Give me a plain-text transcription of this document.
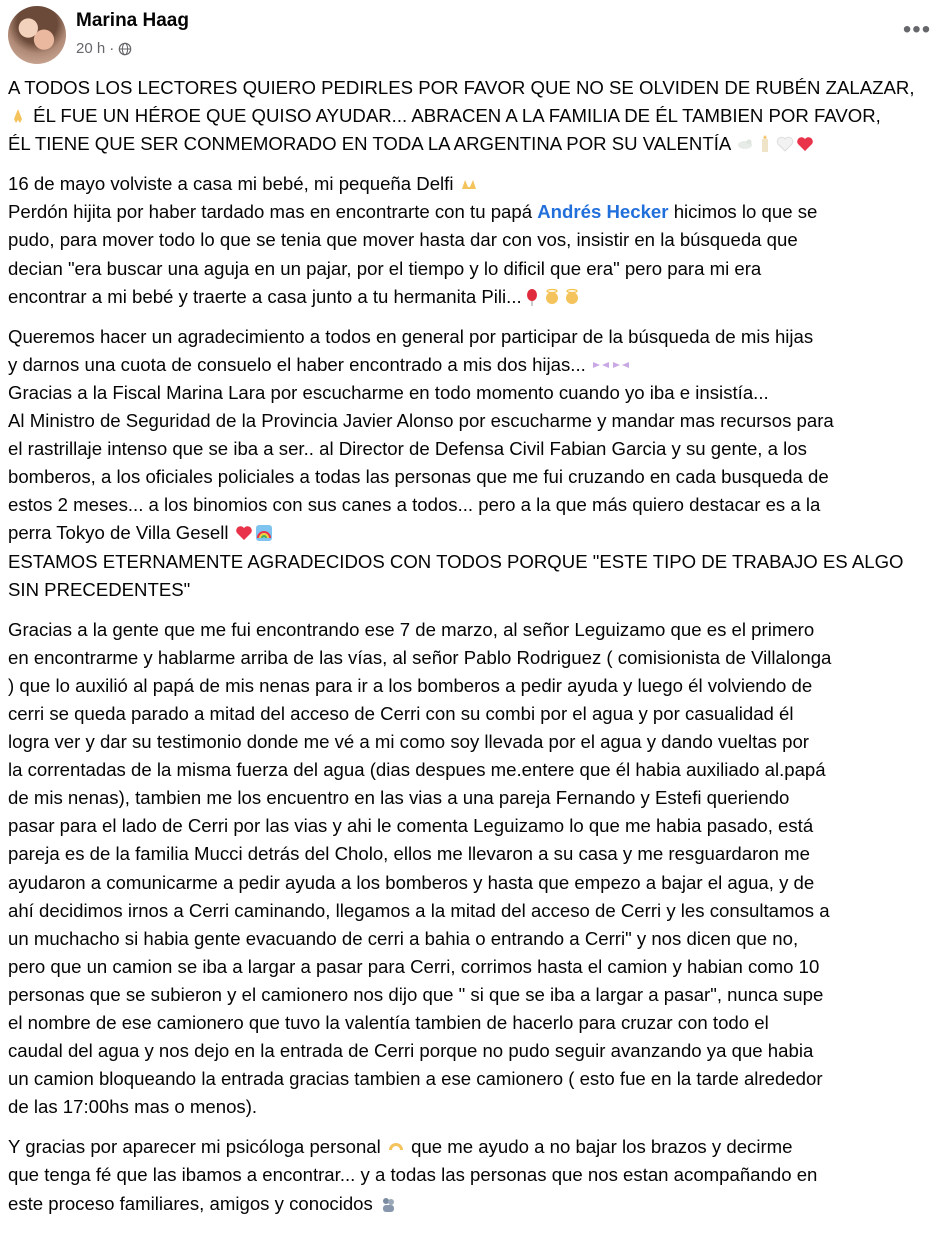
Marina Haag
20 h ·
•••
A TODOS LOS LECTORES QUIERO PEDIRLES POR FAVOR QUE NO SE OLVIDEN DE RUBÉN ZALAZAR,
ÉL FUE UN HÉROE QUE QUISO AYUDAR... ABRACEN A LA FAMILIA DE ÉL TAMBIEN POR FAVOR,
ÉL TIENE QUE SER CONMEMORADO EN TODA LA ARGENTINA POR SU VALENTÍA
16 de mayo volviste a casa mi bebé, mi pequeña Delfi
Perdón hijita por haber tardado mas en encontrarte con tu papá Andrés Hecker hicimos lo que se
pudo, para mover todo lo que se tenia que mover hasta dar con vos, insistir en la búsqueda que
decian "era buscar una aguja en un pajar, por el tiempo y lo dificil que era" pero para mi era
encontrar a mi bebé y traerte a casa junto a tu hermanita Pili...
Queremos hacer un agradecimiento a todos en general por participar de la búsqueda de mis hijas
y darnos una cuota de consuelo el haber encontrado a mis dos hijas...
Gracias a la Fiscal Marina Lara por escucharme en todo momento cuando yo iba e insistía...
Al Ministro de Seguridad de la Provincia Javier Alonso por escucharme y mandar mas recursos para
el rastrillaje intenso que se iba a ser.. al Director de Defensa Civil Fabian Garcia y su gente, a los
bomberos, a los oficiales policiales a todas las personas que me fui cruzando en cada busqueda de
estos 2 meses... a los binomios con sus canes a todos... pero a la que más quiero destacar es a la
perra Tokyo de Villa Gesell
ESTAMOS ETERNAMENTE AGRADECIDOS CON TODOS PORQUE "ESTE TIPO DE TRABAJO ES ALGO
SIN PRECEDENTES"
Gracias a la gente que me fui encontrando ese 7 de marzo, al señor Leguizamo que es el primero
en encontrarme y hablarme arriba de las vías, al señor Pablo Rodriguez ( comisionista de Villalonga
) que lo auxilió al papá de mis nenas para ir a los bomberos a pedir ayuda y luego él volviendo de
cerri se queda parado a mitad del acceso de Cerri con su combi por el agua y por casualidad él
logra ver y dar su testimonio donde me vé a mi como soy llevada por el agua y dando vueltas por
la correntadas de la misma fuerza del agua (dias despues me.entere que él habia auxiliado al.papá
de mis nenas), tambien me los encuentro en las vias a una pareja Fernando y Estefi queriendo
pasar para el lado de Cerri por las vias y ahi le comenta Leguizamo lo que me habia pasado, está
pareja es de la familia Mucci detrás del Cholo, ellos me llevaron a su casa y me resguardaron me
ayudaron a comunicarme a pedir ayuda a los bomberos y hasta que empezo a bajar el agua, y de
ahí decidimos irnos a Cerri caminando, llegamos a la mitad del acceso de Cerri y les consultamos a
un muchacho si habia gente evacuando de cerri a bahia o entrando a Cerri" y nos dicen que no,
pero que un camion se iba a largar a pasar para Cerri, corrimos hasta el camion y habian como 10
personas que se subieron y el camionero nos dijo que " si que se iba a largar a pasar", nunca supe
el nombre de ese camionero que tuvo la valentía tambien de hacerlo para cruzar con todo el
caudal del agua y nos dejo en la entrada de Cerri porque no pudo seguir avanzando ya que habia
un camion bloqueando la entrada gracias tambien a ese camionero ( esto fue en la tarde alrededor
de las 17:00hs mas o menos).
Y gracias por aparecer mi psicóloga personal que me ayudo a no bajar los brazos y decirme
que tenga fé que las ibamos a encontrar... y a todas las personas que nos estan acompañando en
este proceso familiares, amigos y conocidos
